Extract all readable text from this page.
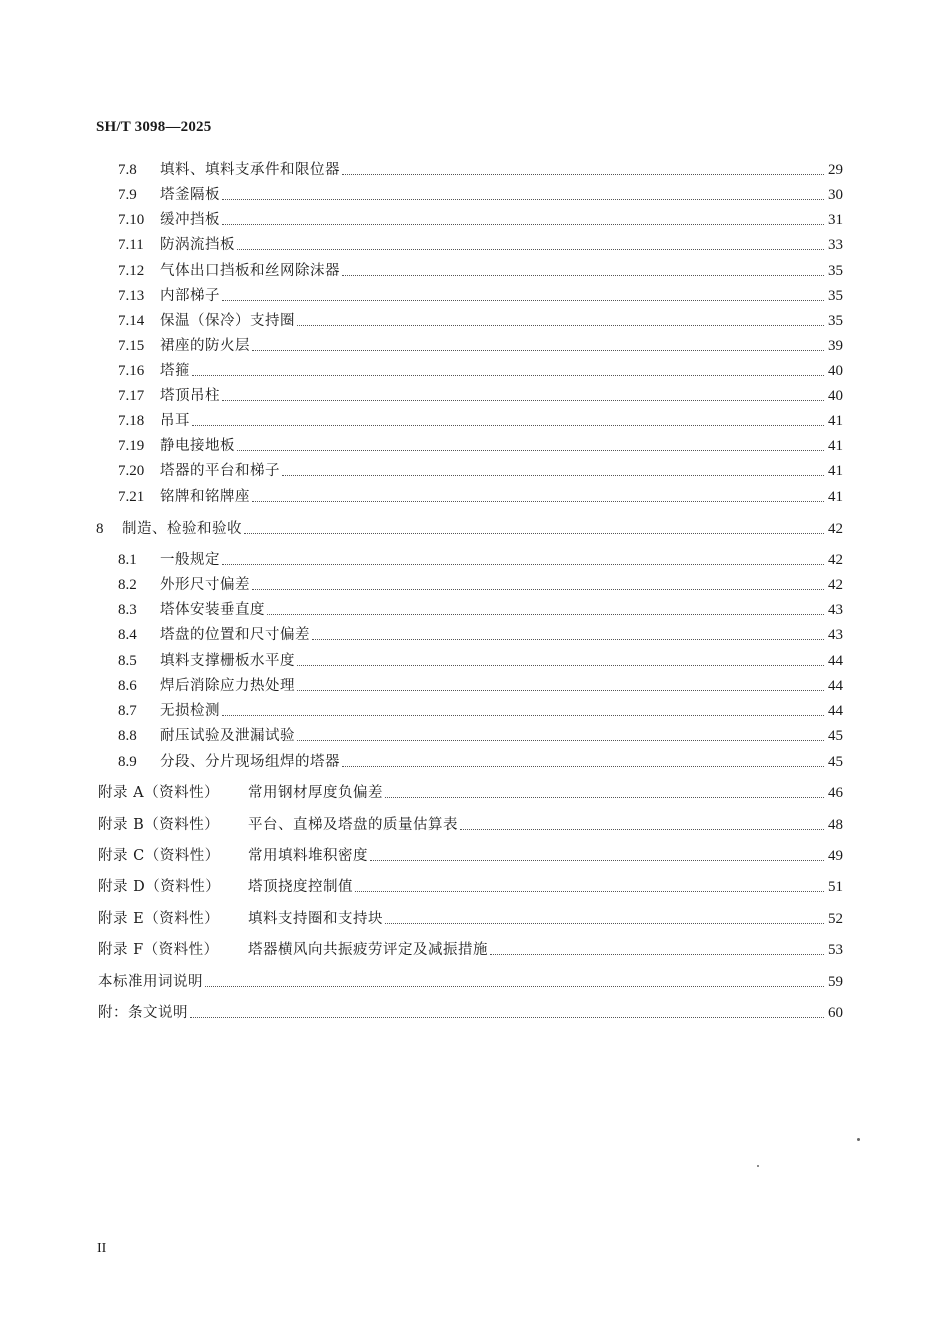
SH/T 3098—2025
7.8	填料、填料支承件和限位器	29
7.9	塔釜隔板	30
7.10	缓冲挡板	31
7.11	防涡流挡板	33
7.12	气体出口挡板和丝网除沫器	35
7.13	内部梯子	35
7.14	保温（保冷）支持圈	35
7.15	裙座的防火层	39
7.16	塔箍	40
7.17	塔顶吊柱	40
7.18	吊耳	41
7.19	静电接地板	41
7.20	塔器的平台和梯子	41
7.21	铭牌和铭牌座	41
8	制造、检验和验收	42
8.1	一般规定	42
8.2	外形尺寸偏差	42
8.3	塔体安装垂直度	43
8.4	塔盘的位置和尺寸偏差	43
8.5	填料支撑栅板水平度	44
8.6	焊后消除应力热处理	44
8.7	无损检测	44
8.8	耐压试验及泄漏试验	45
8.9	分段、分片现场组焊的塔器	45
附录 A（资料性）	常用钢材厚度负偏差	46
附录 B（资料性）	平台、直梯及塔盘的质量估算表	48
附录 C（资料性）	常用填料堆积密度	49
附录 D（资料性）	塔顶挠度控制值	51
附录 E（资料性）	填料支持圈和支持块	52
附录 F（资料性）	塔器横风向共振疲劳评定及减振措施	53
本标准用词说明	59
附：条文说明	60
II
